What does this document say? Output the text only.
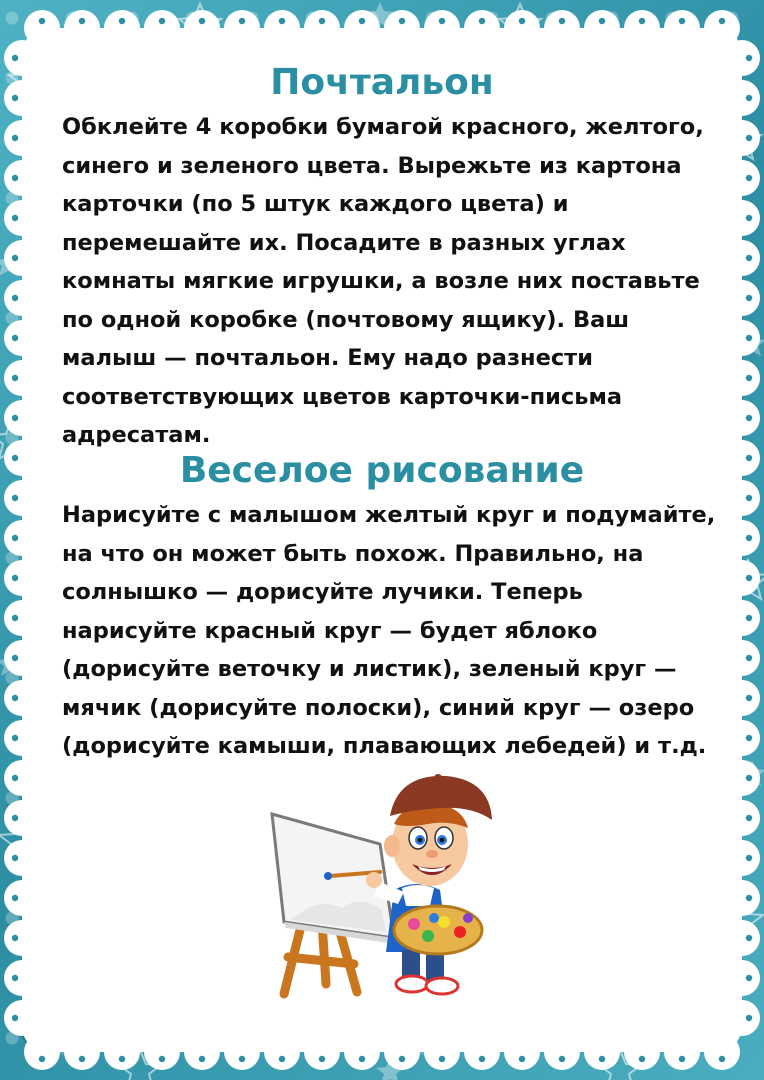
Почтальон

Обклейте 4 коробки бумагой красного, желтого, синего и зеленого цвета. Вырежьте из картона карточки (по 5 штук каждого цвета) и перемешайте их. Посадите в разных углах комнаты мягкие игрушки, а возле них поставьте по одной коробке (почтовому ящику). Ваш малыш — почтальон. Ему надо разнести соответствующих цветов карточки-письма адресатам.

Веселое рисование

Нарисуйте с малышом желтый круг и подумайте, на что он может быть похож. Правильно, на солнышко — дорисуйте лучики. Теперь нарисуйте красный круг — будет яблоко (дорисуйте веточку и листик), зеленый круг — мячик (дорисуйте полоски), синий круг — озеро (дорисуйте камыши, плавающих лебедей) и т.д.
